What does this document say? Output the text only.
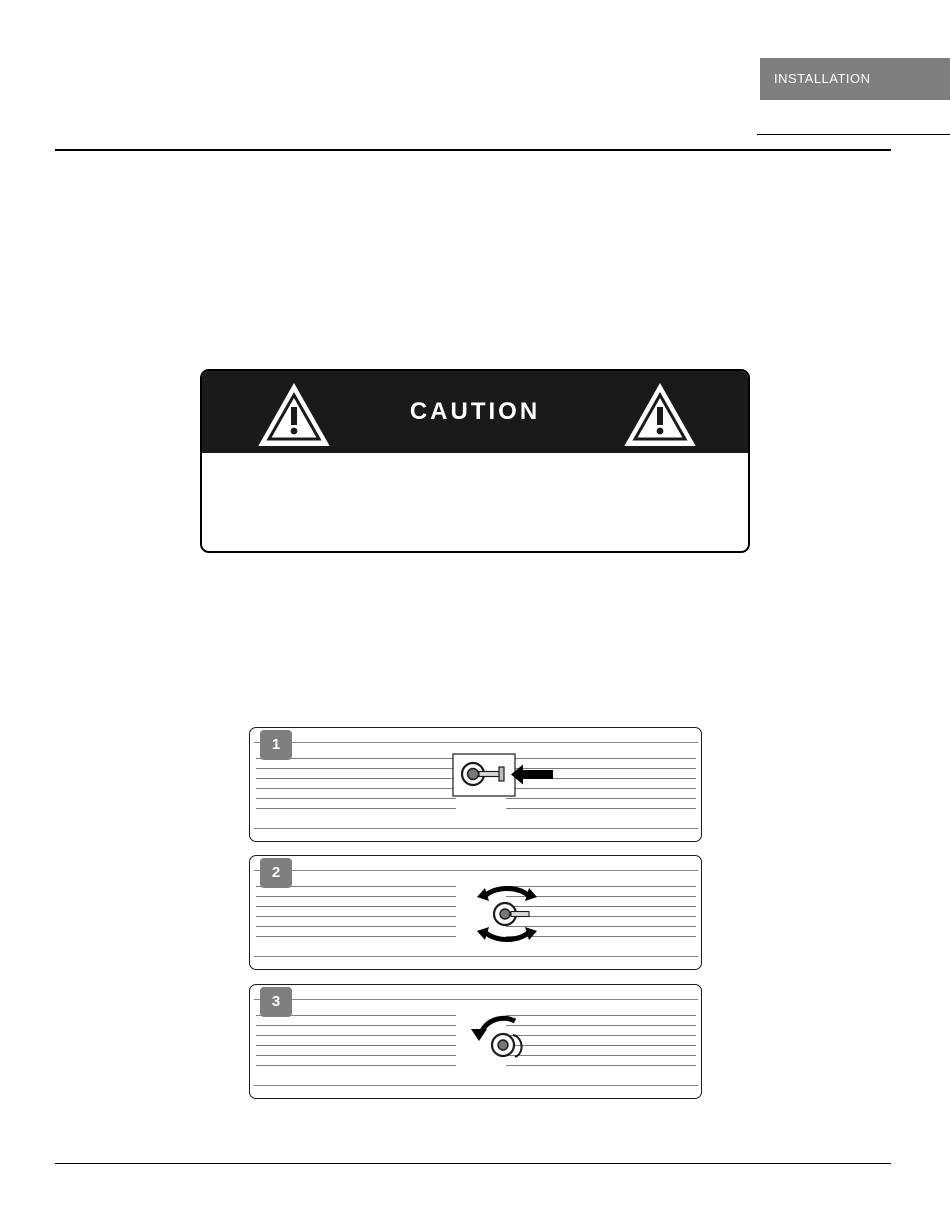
INSTALLATION

CAUTION

1
2
3
